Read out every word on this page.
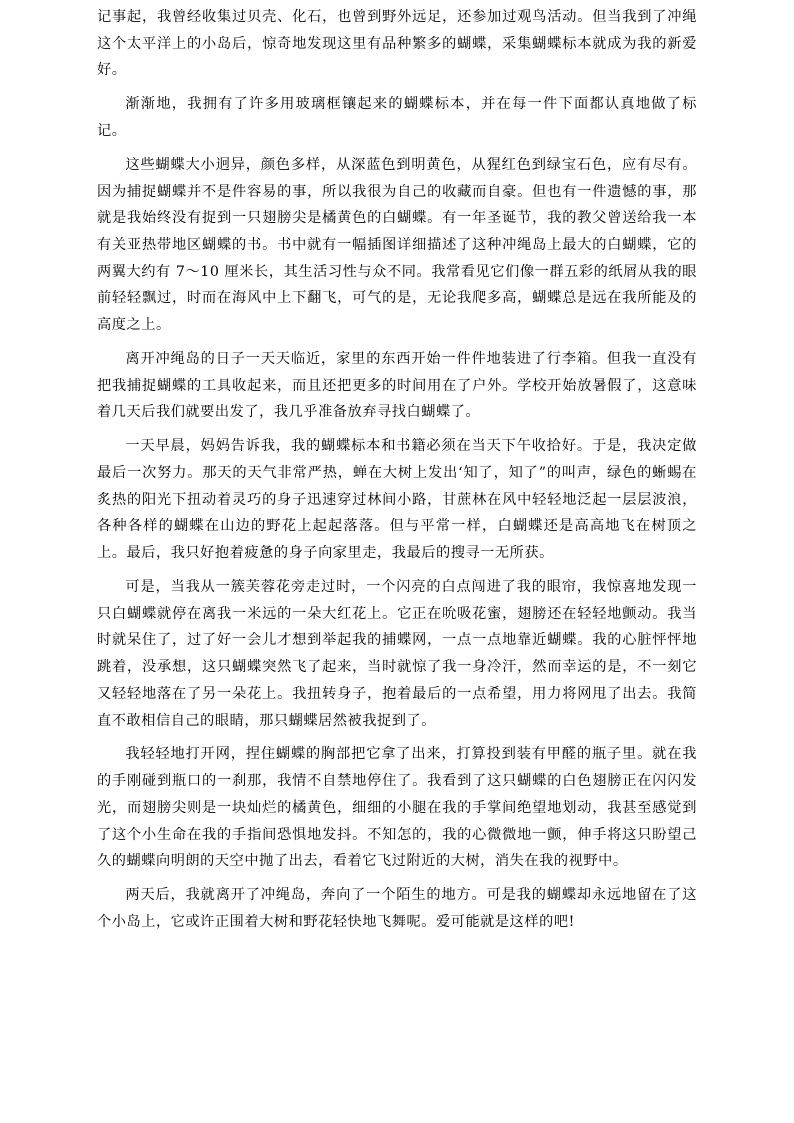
记事起，我曾经收集过贝壳、化石，也曾到野外远足，还参加过观鸟活动。但当我到了冲绳这个太平洋上的小岛后，惊奇地发现这里有品种繁多的蝴蝶，采集蝴蝶标本就成为我的新爱好。

渐渐地，我拥有了许多用玻璃框镶起来的蝴蝶标本，并在每一件下面都认真地做了标记。

这些蝴蝶大小迥异，颜色多样，从深蓝色到明黄色，从猩红色到绿宝石色，应有尽有。因为捕捉蝴蝶并不是件容易的事，所以我很为自己的收藏而自豪。但也有一件遗憾的事，那就是我始终没有捉到一只翅膀尖是橘黄色的白蝴蝶。有一年圣诞节，我的教父曾送给我一本有关亚热带地区蝴蝶的书。书中就有一幅插图详细描述了这种冲绳岛上最大的白蝴蝶，它的两翼大约有 7～10 厘米长，其生活习性与众不同。我常看见它们像一群五彩的纸屑从我的眼前轻轻飘过，时而在海风中上下翻飞，可气的是，无论我爬多高，蝴蝶总是远在我所能及的高度之上。

离开冲绳岛的日子一天天临近，家里的东西开始一件件地装进了行李箱。但我一直没有把我捕捉蝴蝶的工具收起来，而且还把更多的时间用在了户外。学校开始放暑假了，这意味着几天后我们就要出发了，我几乎准备放弃寻找白蝴蝶了。

一天早晨，妈妈告诉我，我的蝴蝶标本和书籍必须在当天下午收拾好。于是，我决定做最后一次努力。那天的天气非常严热，蝉在大树上发出‘知了，知了”的叫声，绿色的蜥蜴在炙热的阳光下扭动着灵巧的身子迅速穿过林间小路，甘蔗林在风中轻轻地泛起一层层波浪，各种各样的蝴蝶在山边的野花上起起落落。但与平常一样，白蝴蝶还是高高地飞在树顶之上。最后，我只好抱着疲惫的身子向家里走，我最后的搜寻一无所获。

可是，当我从一簇芙蓉花旁走过时，一个闪亮的白点闯进了我的眼帘，我惊喜地发现一只白蝴蝶就停在离我一米远的一朵大红花上。它正在吮吸花蜜，翅膀还在轻轻地颤动。我当时就呆住了，过了好一会儿才想到举起我的捕蝶网，一点一点地靠近蝴蝶。我的心脏怦怦地跳着，没承想，这只蝴蝶突然飞了起来，当时就惊了我一身冷汗，然而幸运的是，不一刻它又轻轻地落在了另一朵花上。我扭转身子，抱着最后的一点希望，用力将网甩了出去。我简直不敢相信自己的眼睛，那只蝴蝶居然被我捉到了。

我轻轻地打开网，捏住蝴蝶的胸部把它拿了出来，打算投到装有甲醛的瓶子里。就在我的手刚碰到瓶口的一刹那，我情不自禁地停住了。我看到了这只蝴蝶的白色翅膀正在闪闪发光，而翅膀尖则是一块灿烂的橘黄色，细细的小腿在我的手掌间绝望地划动，我甚至感觉到了这个小生命在我的手指间恐惧地发抖。不知怎的，我的心微微地一颤，伸手将这只盼望己久的蝴蝶向明朗的天空中抛了出去，看着它飞过附近的大树，消失在我的视野中。

两天后，我就离开了冲绳岛，奔向了一个陌生的地方。可是我的蝴蝶却永远地留在了这个小岛上，它或许正围着大树和野花轻快地飞舞呢。爱可能就是这样的吧!
